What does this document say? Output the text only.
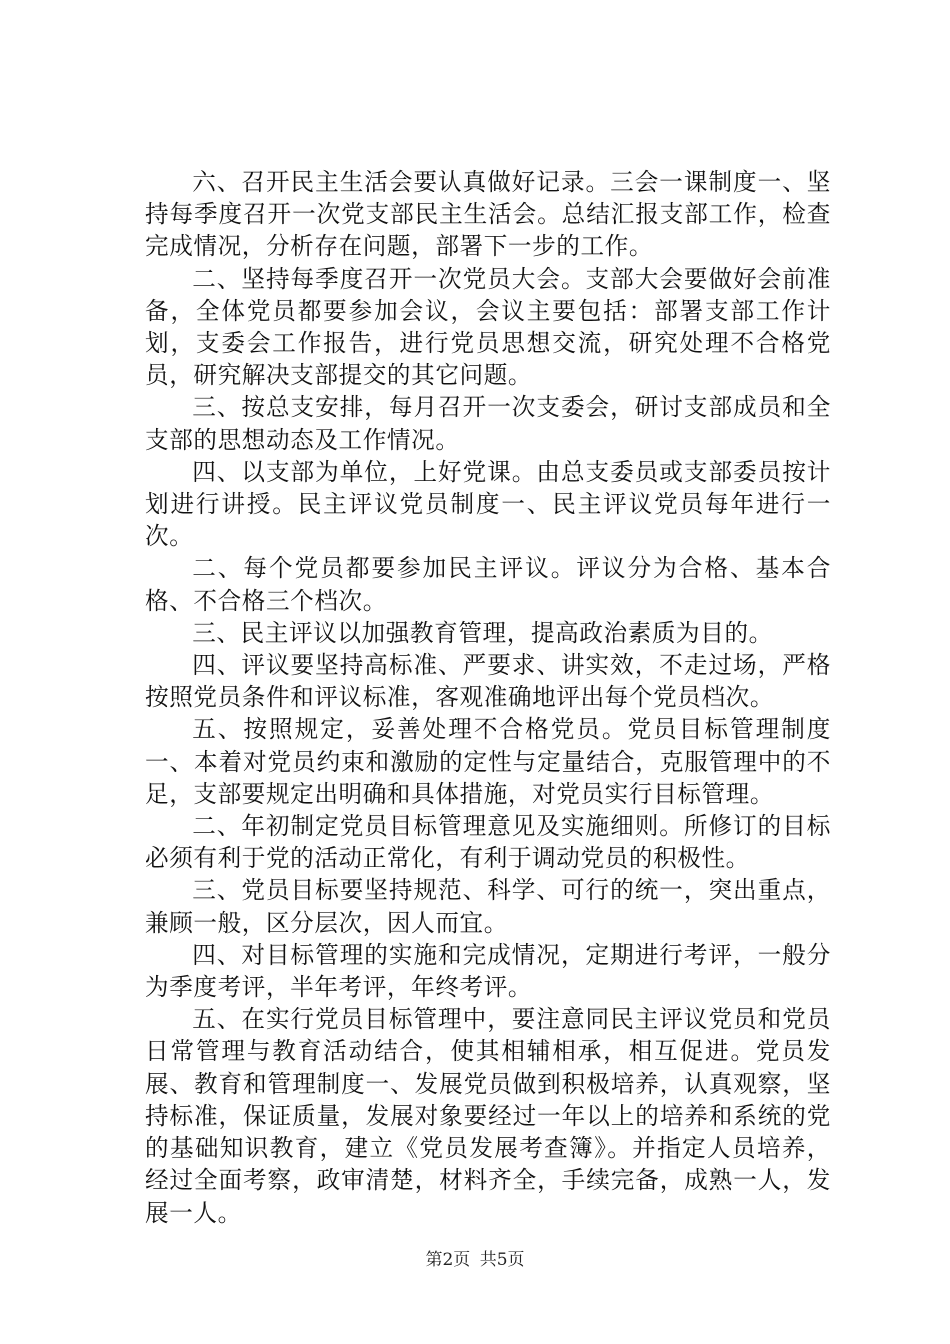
六、召开民主生活会要认真做好记录。三会一课制度一、坚持每季度召开一次党支部民主生活会。总结汇报支部工作，检查完成情况，分析存在问题，部署下一步的工作。

二、坚持每季度召开一次党员大会。支部大会要做好会前准备，全体党员都要参加会议，会议主要包括：部署支部工作计划，支委会工作报告，进行党员思想交流，研究处理不合格党员，研究解决支部提交的其它问题。

三、按总支安排，每月召开一次支委会，研讨支部成员和全支部的思想动态及工作情况。

四、以支部为单位，上好党课。由总支委员或支部委员按计划进行讲授。民主评议党员制度一、民主评议党员每年进行一次。

二、每个党员都要参加民主评议。评议分为合格、基本合格、不合格三个档次。

三、民主评议以加强教育管理，提高政治素质为目的。

四、评议要坚持高标准、严要求、讲实效，不走过场，严格按照党员条件和评议标准，客观准确地评出每个党员档次。

五、按照规定，妥善处理不合格党员。党员目标管理制度一、本着对党员约束和激励的定性与定量结合，克服管理中的不足，支部要规定出明确和具体措施，对党员实行目标管理。

二、年初制定党员目标管理意见及实施细则。所修订的目标必须有利于党的活动正常化，有利于调动党员的积极性。

三、党员目标要坚持规范、科学、可行的统一，突出重点，兼顾一般，区分层次，因人而宜。

四、对目标管理的实施和完成情况，定期进行考评，一般分为季度考评，半年考评，年终考评。

五、在实行党员目标管理中，要注意同民主评议党员和党员日常管理与教育活动结合，使其相辅相承，相互促进。党员发展、教育和管理制度一、发展党员做到积极培养，认真观察，坚持标准，保证质量，发展对象要经过一年以上的培养和系统的党的基础知识教育，建立《党员发展考查簿》。并指定人员培养，经过全面考察，政审清楚，材料齐全，手续完备，成熟一人，发展一人。

第2页 共5页
